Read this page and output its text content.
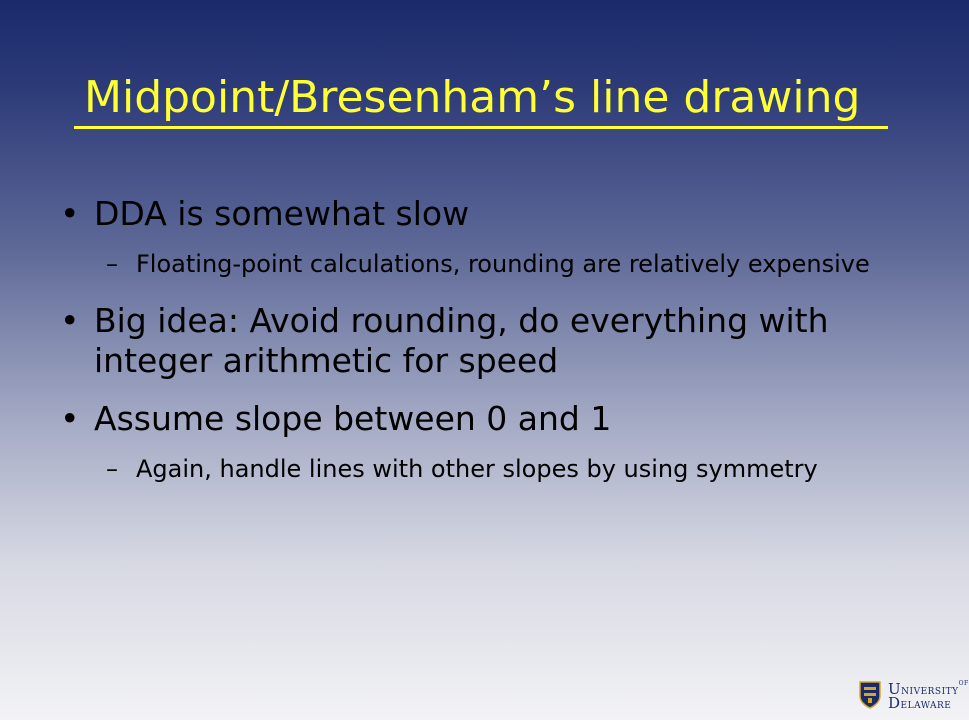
Midpoint/Bresenham’s line drawing
• DDA is somewhat slow
– Floating-point calculations, rounding are relatively expensive
• Big idea: Avoid rounding, do everything with integer arithmetic for speed
• Assume slope between 0 and 1
– Again, handle lines with other slopes by using symmetry
$UNIVERSITY^{OF}$
DELAWARE
